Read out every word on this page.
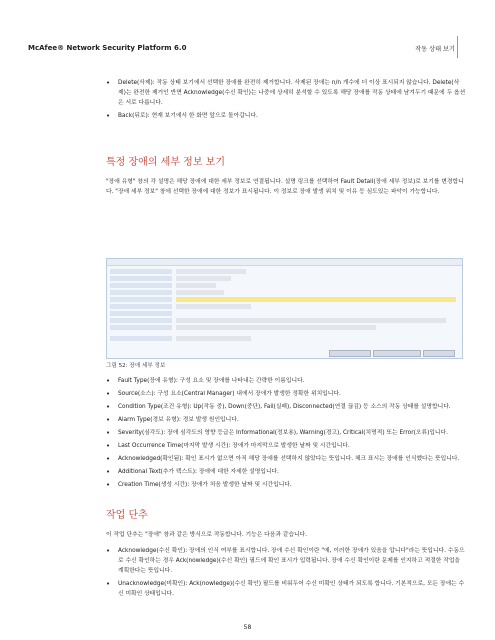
McAfee® Network Security Platform 6.0	작동 상태 보기
• Delete(삭제): 작동 상태 보기에서 선택한 장애를 완전히 제거합니다. 삭제된 장애는 n/n 개수에 더 이상 표시되지 않습니다. Delete(삭제)는 완전한 제거인 반면 Acknowledge(수신 확인)는 나중에 상세히 분석할 수 있도록 해당 장애를 작동 상태에 남겨두기 때문에 두 옵션은 서로 다릅니다.
• Back(뒤로): 현재 보기에서 한 화면 앞으로 돌아갑니다.
특정 장애의 세부 정보 보기

"장애 유형" 창의 각 설명은 해당 장애에 대한 세부 정보로 연결됩니다. 설명 링크를 선택하여 Fault Detail(장애 세부 정보)로 보기를 변경합니다. "장애 세부 정보" 창에 선택한 장애에 대한 정보가 표시됩니다. 이 정보로 장애 발생 위치 및 이유 등 심도있는 파악이 가능합니다.

그림 52: 장애 세부 정보
• Fault Type(장애 유형): 구성 요소 및 장애를 나타내는 간략한 이름입니다.
• Source(소스): 구성 요소(Central Manager) 내에서 장애가 발생한 정확한 위치입니다.
• Condition Type(조건 유형): Up(작동 중), Down(중단), Fail(실패), Disconnected(연결 끊김) 등 소스의 작동 상태를 설명합니다.
• Alarm Type(경보 유형): 경보 발생 원인입니다.
• Severity(심각도): 장애 심각도의 영향 등급은 Informational(정보용), Warning(경고), Critical(치명적) 또는 Error(오류)입니다.
• Last Occurrence Time(마지막 발생 시간): 장애가 마지막으로 발생한 날짜 및 시간입니다.
• Acknowledged(확인됨): 확인 표시가 없으면 아직 해당 장애를 선택하지 않았다는 뜻입니다. 체크 표시는 장애를 인식했다는 뜻입니다.
• Additional Text(추가 텍스트): 장애에 대한 자세한 설명입니다.
• Creation Time(생성 시간): 장애가 처음 발생한 날짜 및 시간입니다.
작업 단추

이 작업 단추는 "장애" 창과 같은 방식으로 작동합니다. 기능은 다음과 같습니다.

• Acknowledge(수신 확인): 장애의 인식 여부를 표시합니다. 장애 수신 확인이란 "예, 이러한 장애가 있음을 압니다"라는 뜻입니다. 수동으로 수신 확인하는 경우 Ack(nowledge)(수신 확인) 필드에 확인 표시가 입력됩니다. 장애 수신 확인이란 문제를 인지하고 적절한 작업을 계획한다는 뜻입니다.
• Unacknowledge(미확인): Ack(nowledge)(수신 확인) 필드를 비워두어 수신 미확인 상태가 되도록 합니다. 기본적으로, 모든 장애는 수신 미확인 상태입니다.
58
